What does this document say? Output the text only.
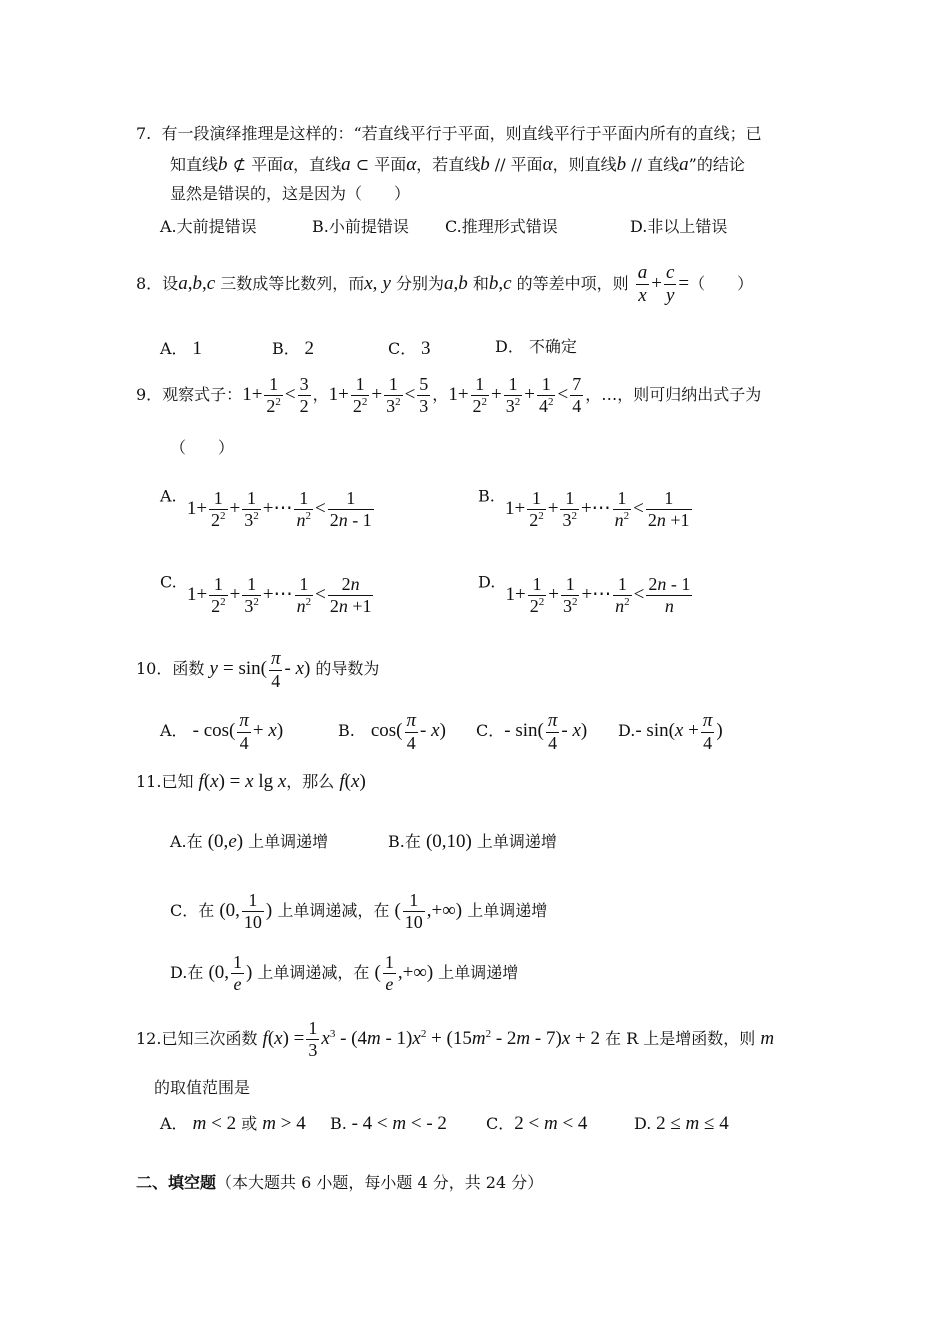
7.  有一段演绎推理是这样的：“若直线平行于平面，则直线平行于平面内所有的直线；已
知直线b ⊄ 平面α，直线a ⊂ 平面α，若直线b // 平面α，则直线b // 直线a”的结论
显然是错误的，这是因为（　　）
A.大前提错误	B.小前提错误 C.推理形式错误	D.非以上错误
8．设a,b,c 三数成等比数列，而x, y 分别为a,b 和b,c 的等差中项，则 $\frac{a}{x} + \frac{c}{y}$ =（　　）
A． 1	B． 2	C． 3	D． 不确定
9．观察式子：$1+ \frac{1}{2^2} < \frac{3}{2}$ ，$1+ \frac{1}{2^2} + \frac{1}{3^2} < \frac{5}{3}$ ，$1+ \frac{1}{2^2} + \frac{1}{3^2} + \frac{1}{4^2} < \frac{7}{4}$ ，…，则可归纳出式子为
（　　）
A.  $1+ \frac{1}{2^2} + \frac{1}{3^2}$ +⋯ $\frac{1}{n^2} < \frac{1}{2n - 1}$	B.  $1+ \frac{1}{2^2} + \frac{1}{3^2}$ +⋯ $\frac{1}{n^2} < \frac{1}{2n +1}$
C.  $1+ \frac{1}{2^2} + \frac{1}{3^2}$ +⋯ $\frac{1}{n^2} < \frac{2n}{2n +1}$	D.  $1+ \frac{1}{2^2} + \frac{1}{3^2}$ +⋯ $\frac{1}{n^2} < \frac{2n - 1}{n}$
10．函数 $y = \sin( \frac{\pi}{4} - x)$ 的导数为
A． - $\cos( \frac{\pi}{4} + x)$	B.　$\cos( \frac{\pi}{4} - x)$ C．- $\sin( \frac{\pi}{4} - x)$ D.- $\sin(x + \frac{\pi}{4}$ )
11.已知 f(x) = x lg x，那么 f(x)
A.在 (0,e) 上单调递增	B.在 (0,10) 上单调递增
C．在 (0, $\frac{1}{10}$ ) 上单调递减，在 ( $\frac{1}{10}$ ,+∞) 上单调递增
D.在 (0, $\frac{1}{e}$ ) 上单调递减，在 ( $\frac{1}{e}$ ,+∞) 上单调递增
12.已知三次函数 $f(x) = \frac{1}{3} x^3 - (4m - 1)x^2 + (15m^2 - 2m - 7)x + 2$ 在 R 上是增函数，则 m
的取值范围是
A． m < 2 或 m > 4 B. - 4 < m < - 2 C．2 < m < 4	D. 2 ≤ m ≤ 4
二、填空题（本大题共 6 小题，每小题 4 分，共 24 分）
